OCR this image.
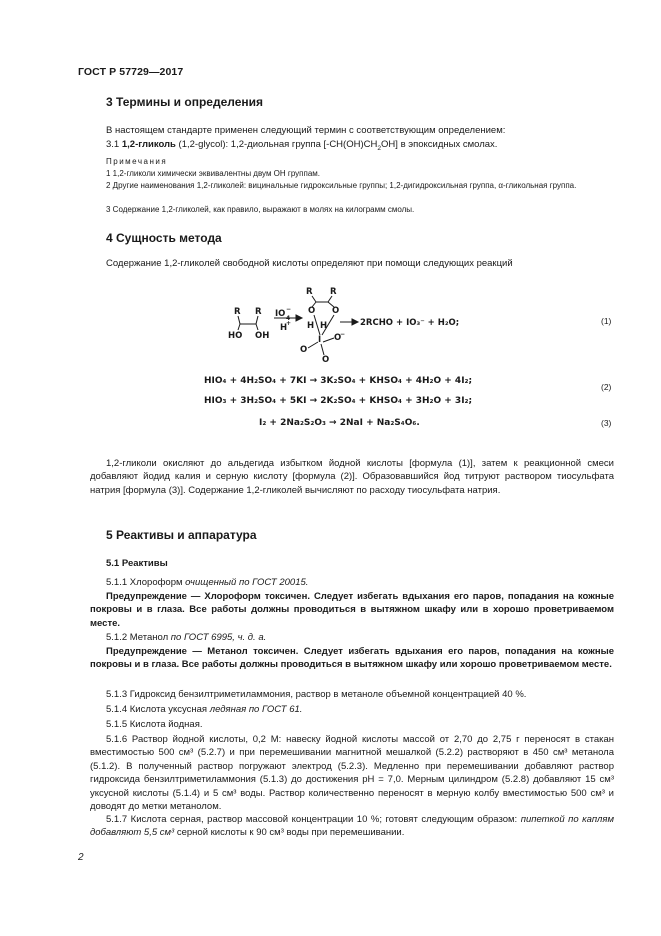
ГОСТ Р 57729—2017
3 Термины и определения
В настоящем стандарте применен следующий термин с соответствующим определением:
3.1 1,2-гликоль (1,2-glycol): 1,2-диольная группа $[-CH(OH)CH_2OH]$ в эпоксидных смолах.
Примечания
1 1,2-гликоли химически эквивалентны двум ОН группам.
2 Другие наименования 1,2-гликолей: вицинальные гидроксильные группы; 1,2-дигидроксильная группа, α-гликольная группа.
3 Содержание 1,2-гликолей, как правило, выражают в молях на килограмм смолы.
4 Сущность метода
Содержание 1,2-гликолей свободной кислоты определяют при помощи следующих реакций
R R
HO OH
IO 4
−
H
+
R R
O O
H H
I
O
O
O
−
2RCHO + IO₃⁻ + H₂O;	(1)
HIO₄ + 4H₂SO₄ + 7KI → 3K₂SO₄ + KHSO₄ + 4H₂O + 4I₂;
(2)
HIO₃ + 3H₂SO₄ + 5KI → 2K₂SO₄ + KHSO₄ + 3H₂O + 3I₂;
I₂ + 2Na₂S₂O₃ → 2NaI + Na₂S₄O₆.	(3)
1,2-гликоли окисляют до альдегида избытком йодной кислоты [формула (1)], затем к реакционной смеси добавляют йодид калия и серную кислоту [формула (2)]. Образовавшийся йод титруют раствором тиосульфата натрия [формула (3)]. Содержание 1,2-гликолей вычисляют по расходу тиосульфата натрия.
5 Реактивы и аппаратура
5.1 Реактивы
5.1.1 Хлороформ очищенный по ГОСТ 20015.
Предупреждение — Хлороформ токсичен. Следует избегать вдыхания его паров, попадания на кожные покровы и в глаза. Все работы должны проводиться в вытяжном шкафу или в хорошо проветриваемом месте.
5.1.2 Метанол по ГОСТ 6995, ч. д. а.
Предупреждение — Метанол токсичен. Следует избегать вдыхания его паров, попадания на кожные покровы и в глаза. Все работы должны проводиться в вытяжном шкафу или хорошо проветриваемом месте.
5.1.3 Гидроксид бензилтриметиламмония, раствор в метаноле объемной концентрацией 40 %.
5.1.4 Кислота уксусная ледяная по ГОСТ 61.
5.1.5 Кислота йодная.
5.1.6 Раствор йодной кислоты, 0,2 М: навеску йодной кислоты массой от 2,70 до 2,75 г переносят в стакан вместимостью 500 см³ (5.2.7) и при перемешивании магнитной мешалкой (5.2.2) растворяют в 450 см³ метанола (5.1.2). В полученный раствор погружают электрод (5.2.3). Медленно при перемешивании добавляют раствор гидроксида бензилтриметиламмония (5.1.3) до достижения pH = 7,0. Мерным цилиндром (5.2.8) добавляют 15 см³ уксусной кислоты (5.1.4) и 5 см³ воды. Раствор количественно переносят в мерную колбу вместимостью 500 см³ и доводят до метки метанолом.
5.1.7 Кислота серная, раствор массовой концентрации 10 %; готовят следующим образом: пипеткой по каплям добавляют 5,5 см³ серной кислоты к 90 см³ воды при перемешивании.
2
